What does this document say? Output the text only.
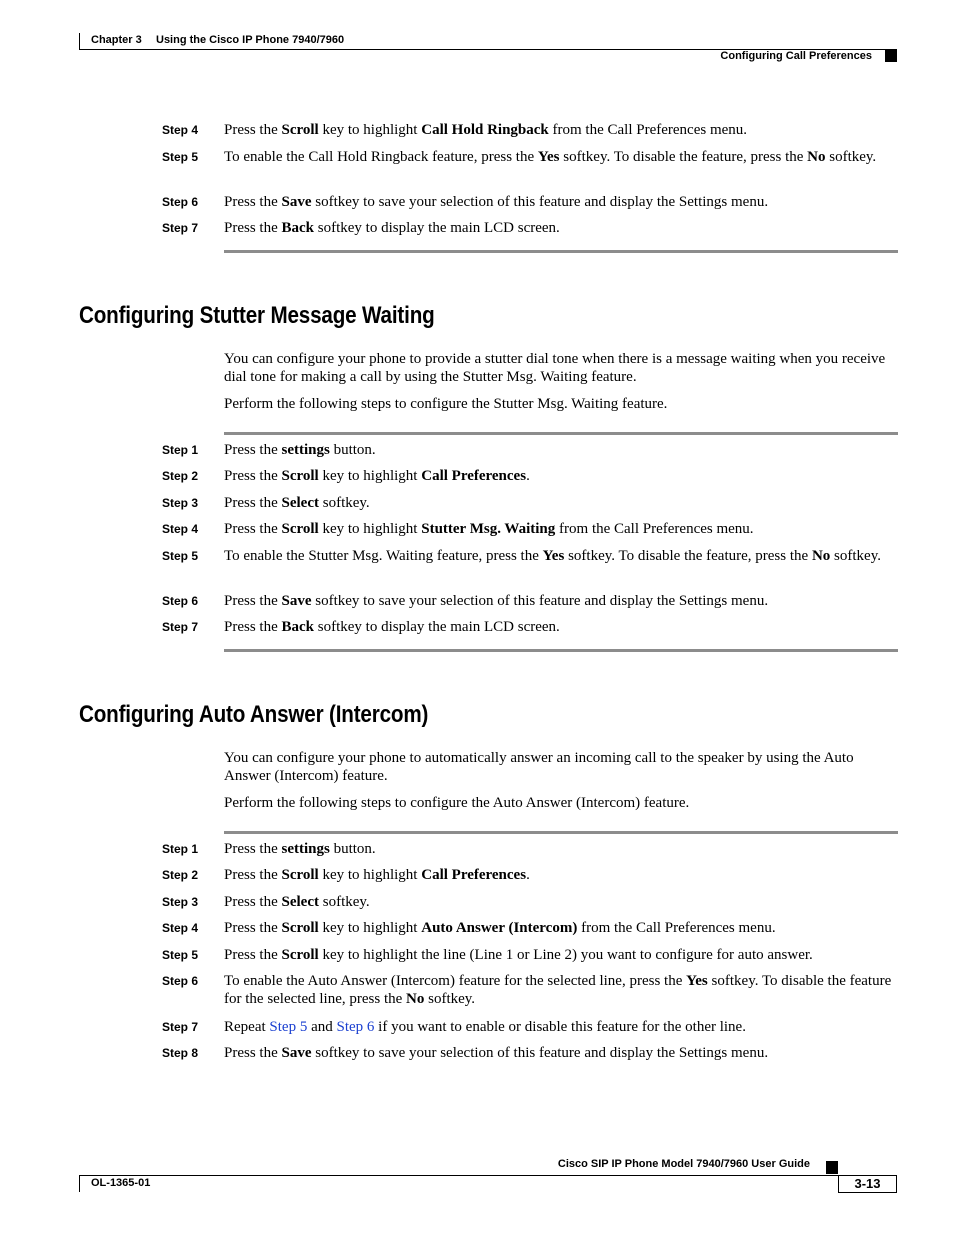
Chapter 3 Using the Cisco IP Phone 7940/7960
Configuring Call Preferences
Step 4 Press the Scroll key to highlight Call Hold Ringback from the Call Preferences menu.
Step 5 To enable the Call Hold Ringback feature, press the Yes softkey. To disable the feature, press the No softkey.
Step 6 Press the Save softkey to save your selection of this feature and display the Settings menu.
Step 7 Press the Back softkey to display the main LCD screen.
Configuring Stutter Message Waiting

You can configure your phone to provide a stutter dial tone when there is a message waiting when you receive dial tone for making a call by using the Stutter Msg. Waiting feature.

Perform the following steps to configure the Stutter Msg. Waiting feature.

Step 1 Press the settings button.
Step 2 Press the Scroll key to highlight Call Preferences.
Step 3 Press the Select softkey.
Step 4 Press the Scroll key to highlight Stutter Msg. Waiting from the Call Preferences menu.
Step 5 To enable the Stutter Msg. Waiting feature, press the Yes softkey. To disable the feature, press the No softkey.
Step 6 Press the Save softkey to save your selection of this feature and display the Settings menu.
Step 7 Press the Back softkey to display the main LCD screen.
Configuring Auto Answer (Intercom)

You can configure your phone to automatically answer an incoming call to the speaker by using the Auto Answer (Intercom) feature.

Perform the following steps to configure the Auto Answer (Intercom) feature.

Step 1 Press the settings button.
Step 2 Press the Scroll key to highlight Call Preferences.
Step 3 Press the Select softkey.
Step 4 Press the Scroll key to highlight Auto Answer (Intercom) from the Call Preferences menu.
Step 5 Press the Scroll key to highlight the line (Line 1 or Line 2) you want to configure for auto answer.
Step 6 To enable the Auto Answer (Intercom) feature for the selected line, press the Yes softkey. To disable the feature for the selected line, press the No softkey.
Step 7 Repeat Step 5 and Step 6 if you want to enable or disable this feature for the other line.
Step 8 Press the Save softkey to save your selection of this feature and display the Settings menu.
Cisco SIP IP Phone Model 7940/7960 User Guide
OL-1365-01	3-13
